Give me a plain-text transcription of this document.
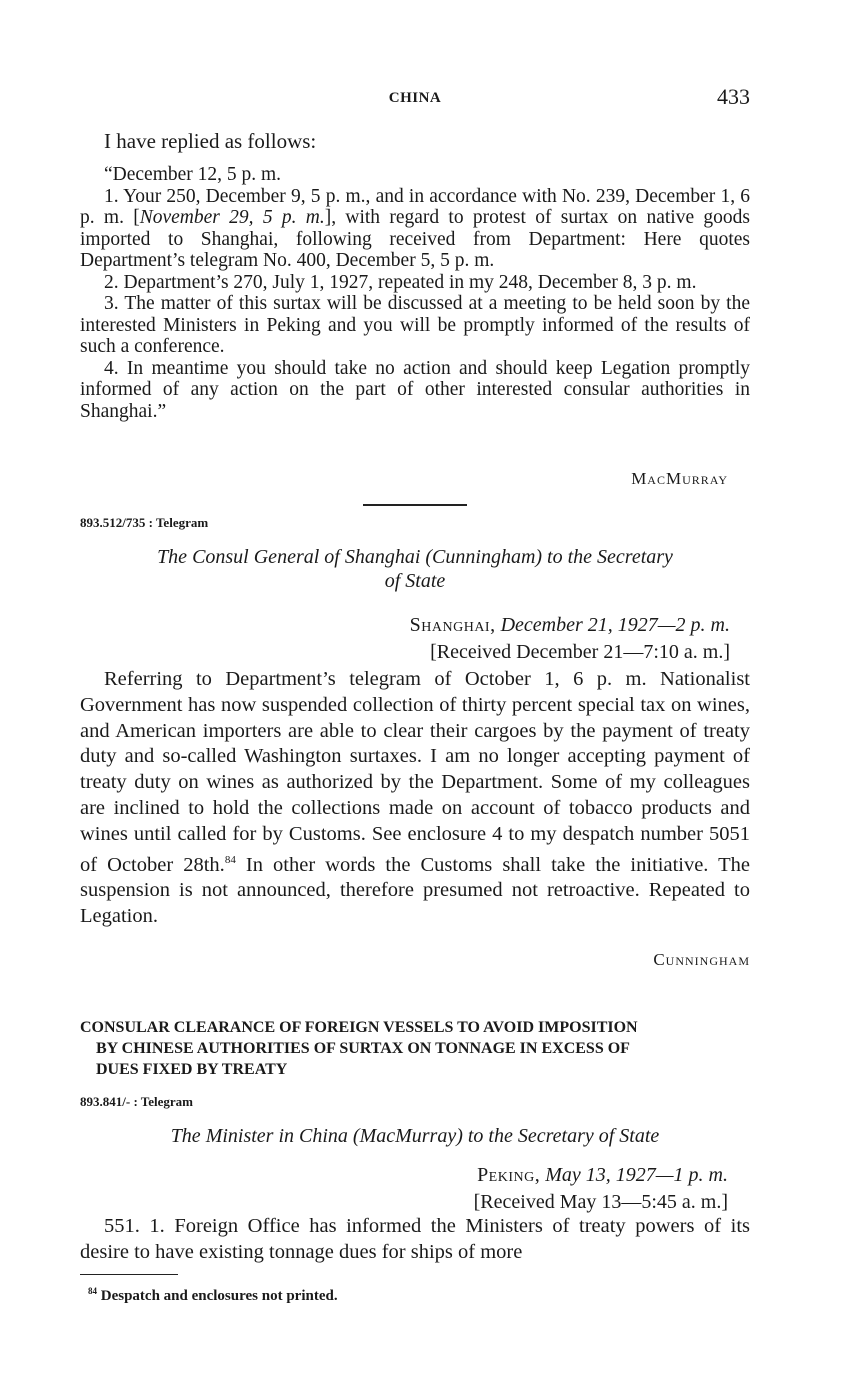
CHINA	433
I have replied as follows:

“December 12, 5 p. m.

1. Your 250, December 9, 5 p. m., and in accordance with No. 239, December 1, 6 p. m. [November 29, 5 p. m.], with regard to protest of surtax on native goods imported to Shanghai, following received from Department: Here quotes Department’s telegram No. 400, December 5, 5 p. m.

2. Department’s 270, July 1, 1927, repeated in my 248, December 8, 3 p. m.

3. The matter of this surtax will be discussed at a meeting to be held soon by the interested Ministers in Peking and you will be promptly informed of the results of such a conference.

4. In meantime you should take no action and should keep Legation promptly informed of any action on the part of other interested consular authorities in Shanghai.”

MacMurray

893.512/735 : Telegram
The Consul General of Shanghai (Cunningham) to the Secretary
of State
Shanghai, December 21, 1927—2 p. m.
[Received December 21—7:10 a. m.]

Referring to Department’s telegram of October 1, 6 p. m. Nationalist Government has now suspended collection of thirty percent special tax on wines, and American importers are able to clear their cargoes by the payment of treaty duty and so-called Washington surtaxes. I am no longer accepting payment of treaty duty on wines as authorized by the Department. Some of my colleagues are inclined to hold the collections made on account of tobacco products and wines until called for by Customs. See enclosure 4 to my despatch number 5051 of October 28th.$^{84}$ In other words the Customs shall take the initiative. The suspension is not announced, therefore presumed not retroactive. Repeated to Legation.

Cunningham

CONSULAR CLEARANCE OF FOREIGN VESSELS TO AVOID IMPOSITION
BY CHINESE AUTHORITIES OF SURTAX ON TONNAGE IN EXCESS OF
DUES FIXED BY TREATY
893.841/- : Telegram
The Minister in China (MacMurray) to the Secretary of State
Peking, May 13, 1927—1 p. m.
[Received May 13—5:45 a. m.]

551. 1. Foreign Office has informed the Ministers of treaty powers of its desire to have existing tonnage dues for ships of more

$^{84}$ Despatch and enclosures not printed.
